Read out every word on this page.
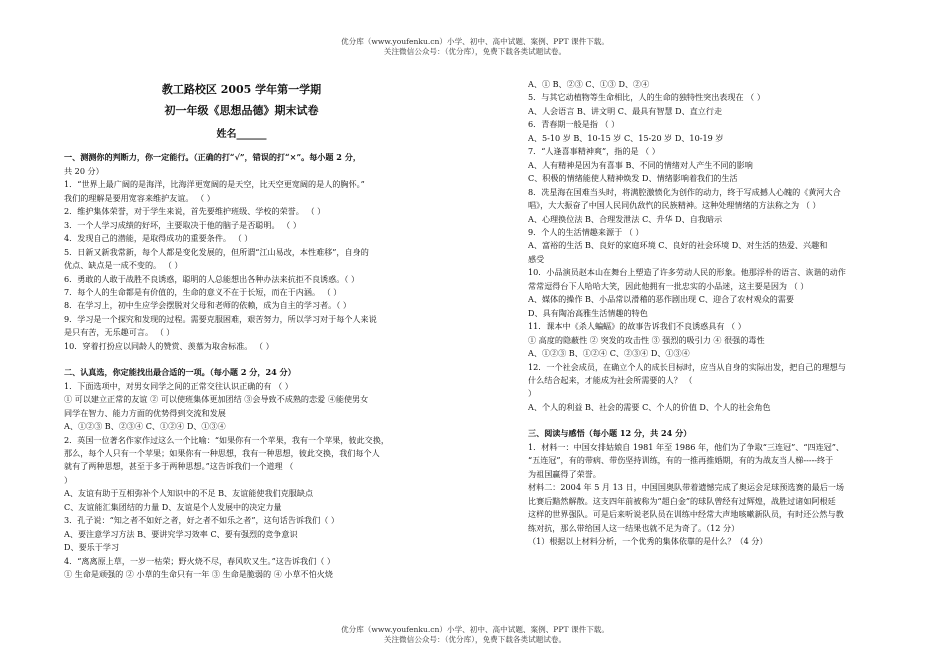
优分库（www.youfenku.cn）小学、初中、高中试题、案例、PPT 课件下载。
关注微信公众号：（优分库），免费下载各类试题试卷。
教工路校区 2005 学年第一学期
初一年级《思想品德》期末试卷
姓名______
一、测测你的判断力，你一定能行。（正确的打“√”，错误的打“×”。每小题 2 分，
共 20 分）
1．“世界上最广阔的是海洋，比海洋更宽阔的是天空，比天空更宽阔的是人的胸怀。”
我们的理解是要用宽容来维护友谊。 （ ）
2．维护集体荣誉，对于学生来说，首先要维护班级、学校的荣誉。 （ ）
3．一个人学习成绩的好坏，主要取决于他的脑子是否聪明。 （ ）
4．发现自己的潜能，是取得成功的重要条件。 （ ）
5．日新又新我常新，每个人都是变化发展的，但所谓“江山易改，本性难移”，自身的
优点、缺点是一成不变的。 （ ）
6．勇敢的人敢于战胜不良诱惑，聪明的人总能想出各种办法来抗拒不良诱惑。（ ）
7．每个人的生命都是有价值的，生命的意义不在于长短，而在于内涵。 （ ）
8．在学习上，初中生应学会摆脱对父母和老师的依赖，成为自主的学习者。（ ）
9．学习是一个探究和发现的过程。需要克服困难，艰苦努力，所以学习对于每个人来说
是只有苦，无乐趣可言。 （ ）
10．穿着打扮应以同龄人的赞赏、羡慕为取舍标准。 （ ）
二、认真选，你定能找出最合适的一项。（每小题 2 分，24 分）
1．下面选项中，对男女同学之间的正常交往认识正确的有 （ ）
① 可以建立正常的友谊 ② 可以使班集体更加团结 ③会导致不成熟的恋爱 ④能使男女
同学在智力、能力方面的优势得到交流和发展
A、①②③ B、②③④ C、①②④ D、①③④
2．英国一位著名作家作过这么一个比喻：“如果你有一个苹果，我有一个苹果，彼此交换，
那么，每个人只有一个苹果；如果你有一种思想，我有一种思想，彼此交换，我们每个人
就有了两种思想，甚至于多于两种思想。”这告诉我们一个道理 （
）
A、友谊有助于互相弥补个人知识中的不足 B、友谊能使我们克服缺点
C、友谊能汇集团结的力量 D、友谊是个人发展中的决定力量
3．孔子说：“知之者不如好之者，好之者不如乐之者”，这句话告诉我们（ ）
A、要注意学习方法 B、要讲究学习效率 C、要有强烈的竞争意识
D、要乐于学习
4．“离离原上草，一岁一枯荣；野火烧不尽，春风吹又生。”这告诉我们（ ）
① 生命是顽强的 ② 小草的生命只有一年 ③ 生命是脆弱的 ④ 小草不怕火烧
A、① B、②③ C、①③ D、②④
5．与其它动植物等生命相比，人的生命的独特性突出表现在 （ ）
A、人会语言 B、讲文明 C、最具有智慧 D、直立行走
6．青春期一般是指 （ ）
A、5-10 岁 B、10-15 岁 C、15-20 岁 D、10-19 岁
7．“人逢喜事精神爽”，指的是 （ ）
A、人有精神是因为有喜事 B、不同的情绪对人产生不同的影响
C、积极的情绪能使人精神焕发 D、情绪影响着我们的生活
8．冼星海在国难当头时，将满腔激愤化为创作的动力，终于写成撼人心魄的《黄河大合
唱》，大大振奋了中国人民同仇敌忾的民族精神。这种处理情绪的方法称之为 （ ）
A、心理换位法 B、合理发泄法 C、升华 D、自我暗示
9．个人的生活情趣来源于 （ ）
A、富裕的生活 B、良好的家庭环境 C、良好的社会环境 D、对生活的热爱、兴趣和
感受
10．小品演员赵本山在舞台上塑造了许多劳动人民的形象。他那浮朴的语言、诙谐的动作
常常逗得台下人哈哈大笑，因此他拥有一批忠实的小品迷，这主要是因为 （ ）
A、媒体的操作 B、小品常以滑稽的恶作剧出现 C、迎合了农村观众的需要
D、具有陶冶高雅生活情趣的特色
11．课本中《杀人蝙蝠》的故事告诉我们不良诱惑具有 （ ）
① 高度的隐蔽性 ② 突发的攻击性 ③ 强烈的吸引力 ④ 很强的毒性
A、①②③ B、①②④ C、②③④ D、①③④
12．一个社会成员，在确立个人的成长目标时，应当从自身的实际出发，把自己的理想与
什么结合起来，才能成为社会所需要的人？ （
）
A、个人的利益 B、社会的需要 C、个人的价值 D、个人的社会角色
三、阅读与感悟（每小题 12 分，共 24 分）
1．材料一：中国女排姑娘自 1981 年至 1986 年，他们为了争取“三连冠”、“四连冠”、
“五连冠”，有的带病、带伤坚持训练，有的一推再推婚期，有的为战友当人梯-----终于
为祖国赢得了荣誉。
材料二：2004 年 5 月 13 日，中国国奥队带着遗憾完成了奥运会足球预选赛的最后一场
比赛后黯然解散。这支四年前被称为“超白金”的球队曾经有过辉煌，战胜过诸如阿根廷
这样的世界强队。可是后来听说老队员在训练中经常大声地咳嗽新队员，有时还公然与教
练对抗，那么带给国人这一结果也就不足为奇了。（12 分）
（1）根据以上材料分析，一个优秀的集体依靠的是什么？（4 分）
优分库（www.youfenku.cn）小学、初中、高中试题、案例、PPT 课件下载。
关注微信公众号：（优分库），免费下载各类试题试卷。
